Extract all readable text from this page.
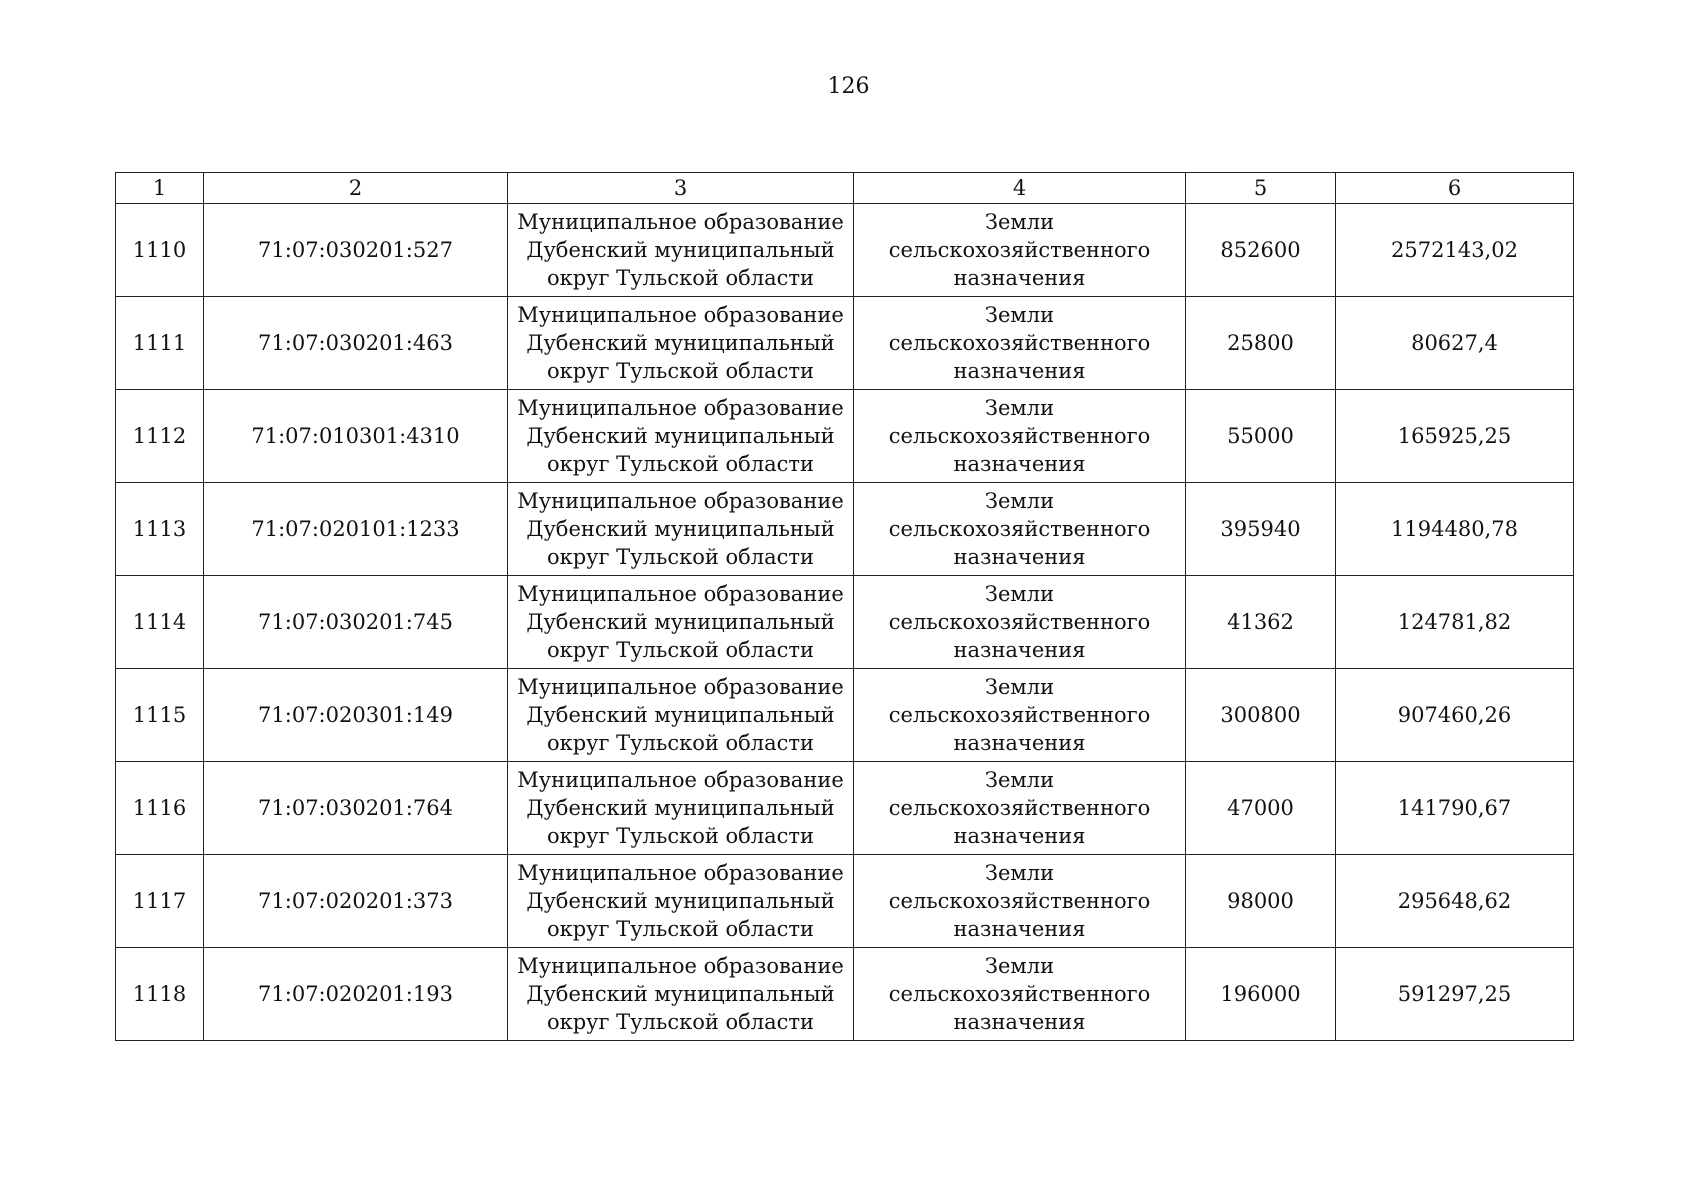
126
1	2	3	4	5	6
1110	71:07:030201:527	Муниципальное образование
Дубенский муниципальный
округ Тульской области	Земли
сельскохозяйственного
назначения	852600	2572143,02
1111	71:07:030201:463	Муниципальное образование
Дубенский муниципальный
округ Тульской области	Земли
сельскохозяйственного
назначения	25800	80627,4
1112	71:07:010301:4310	Муниципальное образование
Дубенский муниципальный
округ Тульской области	Земли
сельскохозяйственного
назначения	55000	165925,25
1113	71:07:020101:1233	Муниципальное образование
Дубенский муниципальный
округ Тульской области	Земли
сельскохозяйственного
назначения	395940	1194480,78
1114	71:07:030201:745	Муниципальное образование
Дубенский муниципальный
округ Тульской области	Земли
сельскохозяйственного
назначения	41362	124781,82
1115	71:07:020301:149	Муниципальное образование
Дубенский муниципальный
округ Тульской области	Земли
сельскохозяйственного
назначения	300800	907460,26
1116	71:07:030201:764	Муниципальное образование
Дубенский муниципальный
округ Тульской области	Земли
сельскохозяйственного
назначения	47000	141790,67
1117	71:07:020201:373	Муниципальное образование
Дубенский муниципальный
округ Тульской области	Земли
сельскохозяйственного
назначения	98000	295648,62
1118	71:07:020201:193	Муниципальное образование
Дубенский муниципальный
округ Тульской области	Земли
сельскохозяйственного
назначения	196000	591297,25
